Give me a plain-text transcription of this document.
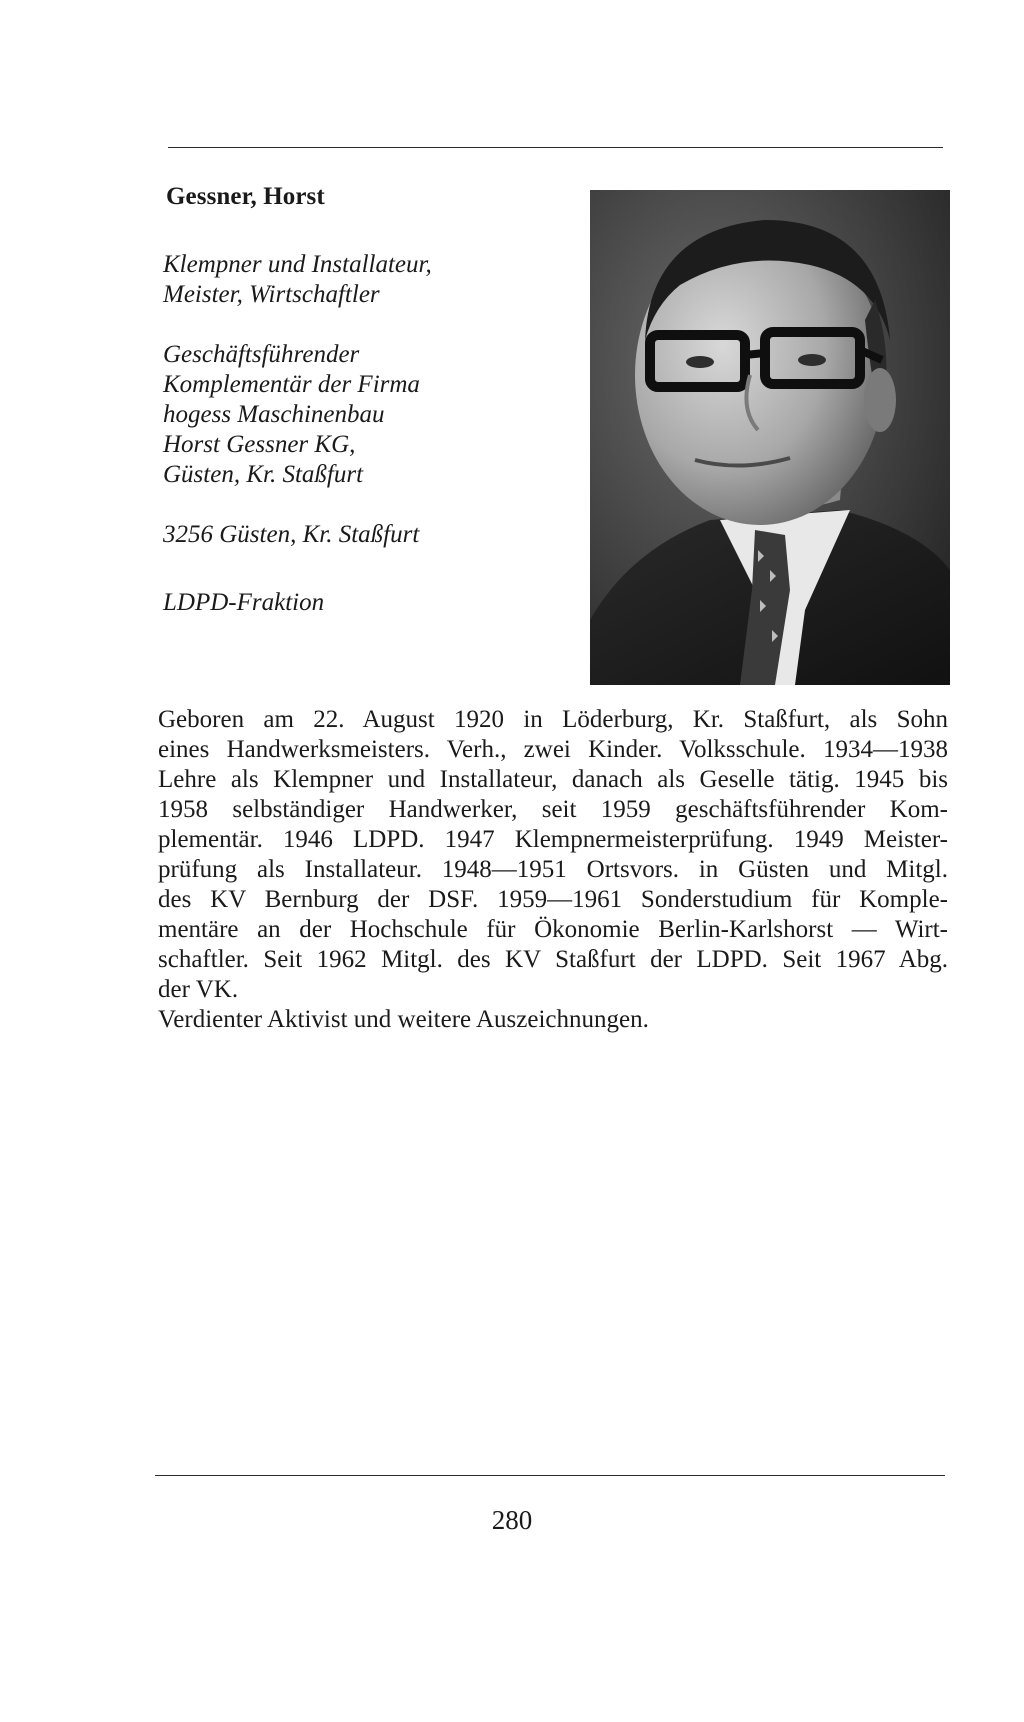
Gessner, Horst
Klempner und Installateur,
Meister, Wirtschaftler
Geschäftsführender
Komplementär der Firma
hogess Maschinenbau
Horst Gessner KG,
Güsten, Kr. Staßfurt
3256 Güsten, Kr. Staßfurt
LDPD-Fraktion
Geboren am 22. August 1920 in Löderburg, Kr. Staßfurt, als Sohn
eines Handwerksmeisters. Verh., zwei Kinder. Volksschule. 1934—1938
Lehre als Klempner und Installateur, danach als Geselle tätig. 1945 bis
1958 selbständiger Handwerker, seit 1959 geschäftsführender Kom-
plementär. 1946 LDPD. 1947 Klempnermeisterprüfung. 1949 Meister-
prüfung als Installateur. 1948—1951 Ortsvors. in Güsten und Mitgl.
des KV Bernburg der DSF. 1959—1961 Sonderstudium für Komple-
mentäre an der Hochschule für Ökonomie Berlin-Karlshorst — Wirt-
schaftler. Seit 1962 Mitgl. des KV Staßfurt der LDPD. Seit 1967 Abg.
der VK.
Verdienter Aktivist und weitere Auszeichnungen.
280
